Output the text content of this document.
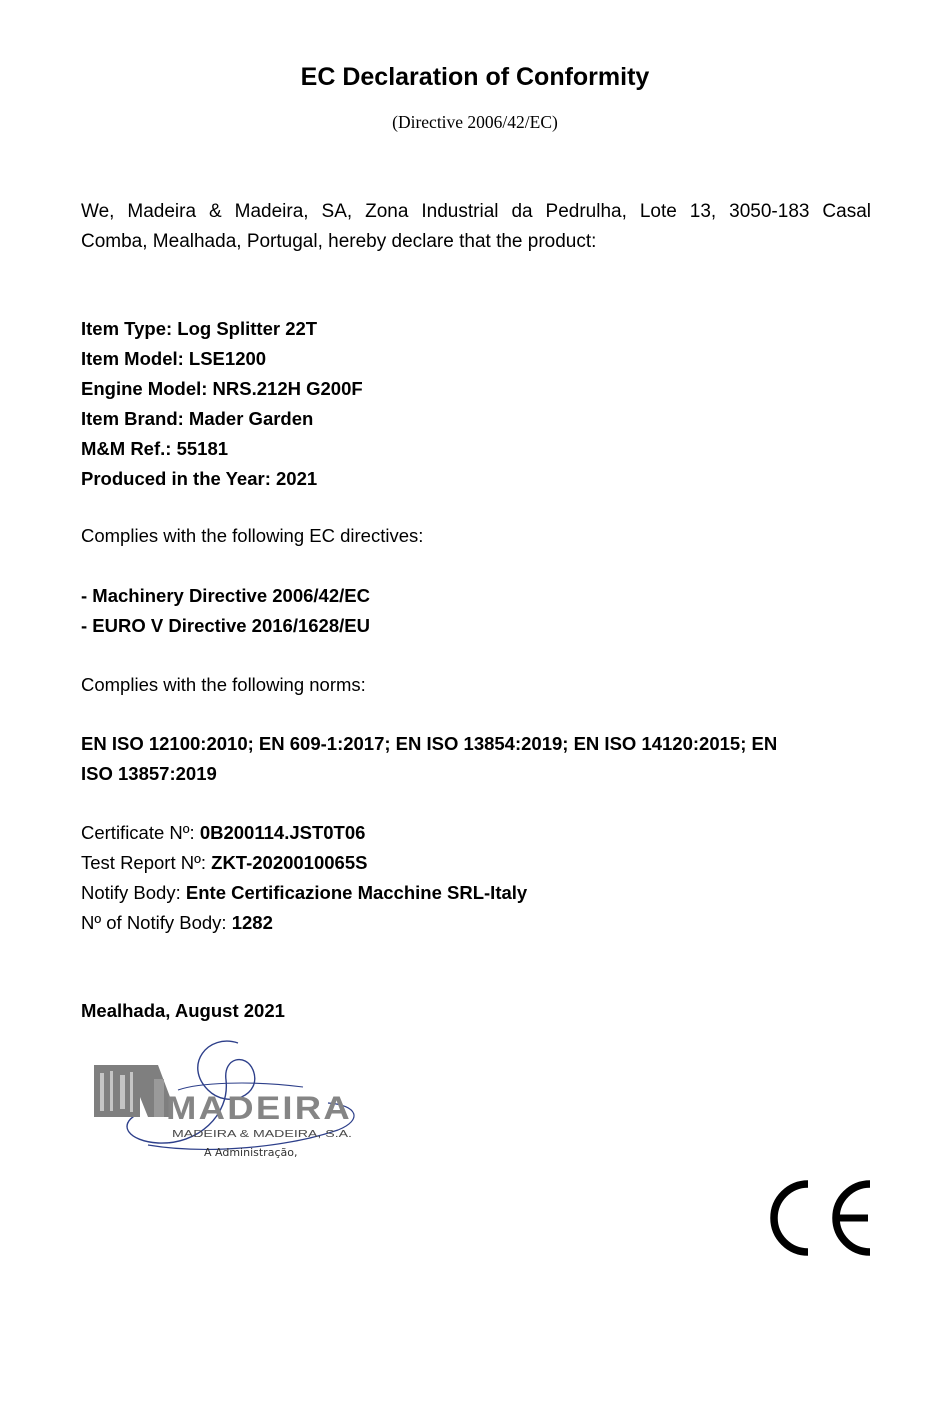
EC Declaration of Conformity
(Directive 2006/42/EC)
We, Madeira & Madeira, SA, Zona Industrial da Pedrulha, Lote 13, 3050-183 Casal
Comba, Mealhada, Portugal, hereby declare that the product:
Item Type: Log Splitter 22T
Item Model: LSE1200
Engine Model: NRS.212H G200F
Item Brand: Mader Garden
M&M Ref.: 55181
Produced in the Year: 2021
Complies with the following EC directives:
- Machinery Directive 2006/42/EC
- EURO V Directive 2016/1628/EU
Complies with the following norms:
EN ISO 12100:2010; EN 609-1:2017; EN ISO 13854:2019; EN ISO 14120:2015; EN
ISO 13857:2019
Certificate Nº: 0B200114.JST0T06
Test Report Nº: ZKT-2020010065S
Notify Body: Ente Certificazione Macchine SRL-Italy
Nº of Notify Body: 1282
Mealhada, August 2021
MADEIRA
MADEIRA & MADEIRA, S.A.
A Administração,
